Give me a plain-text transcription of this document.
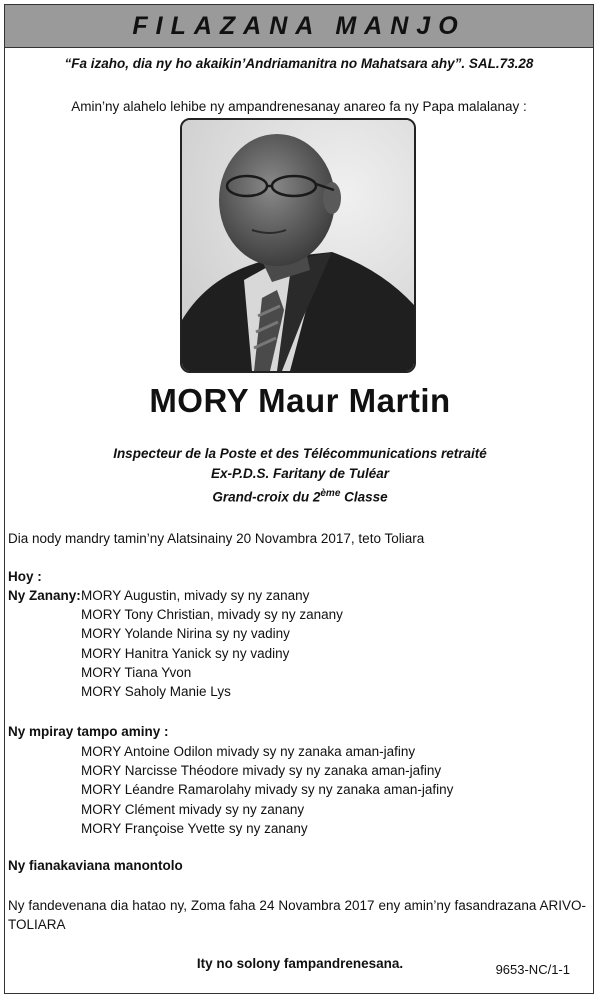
FILAZANA MANJO
“Fa izaho, dia ny ho akaikin’Andriamanitra no Mahatsara ahy”. SAL.73.28
Amin’ny alahelo lehibe ny ampandrenesanay anareo fa ny Papa malalanay :
MORY Maur Martin
Inspecteur de la Poste et des Télécommunications retraité
Ex-P.D.S. Faritany de Tuléar
Grand-croix du 2ème Classe
Dia nody mandry tamin’ny Alatsinainy 20 Novambra 2017, teto Toliara
Hoy :
Ny Zanany: MORY Augustin, mivady sy ny zanany
MORY Tony Christian, mivady sy ny zanany
MORY Yolande Nirina sy ny vadiny
MORY Hanitra Yanick sy ny vadiny
MORY Tiana Yvon
MORY Saholy Manie Lys
Ny mpiray tampo aminy :
MORY Antoine Odilon mivady sy ny zanaka aman-jafiny
MORY Narcisse Théodore mivady sy ny zanaka aman-jafiny
MORY Léandre Ramarolahy mivady sy ny zanaka aman-jafiny
MORY Clément mivady sy ny zanany
MORY Françoise Yvette sy ny zanany
Ny fianakaviana manontolo
Ny fandevenana dia hatao ny, Zoma faha 24 Novambra 2017 eny amin’ny fasandrazana ARIVO-TOLIARA
Ity no solony fampandrenesana.	9653-NC/1-1
